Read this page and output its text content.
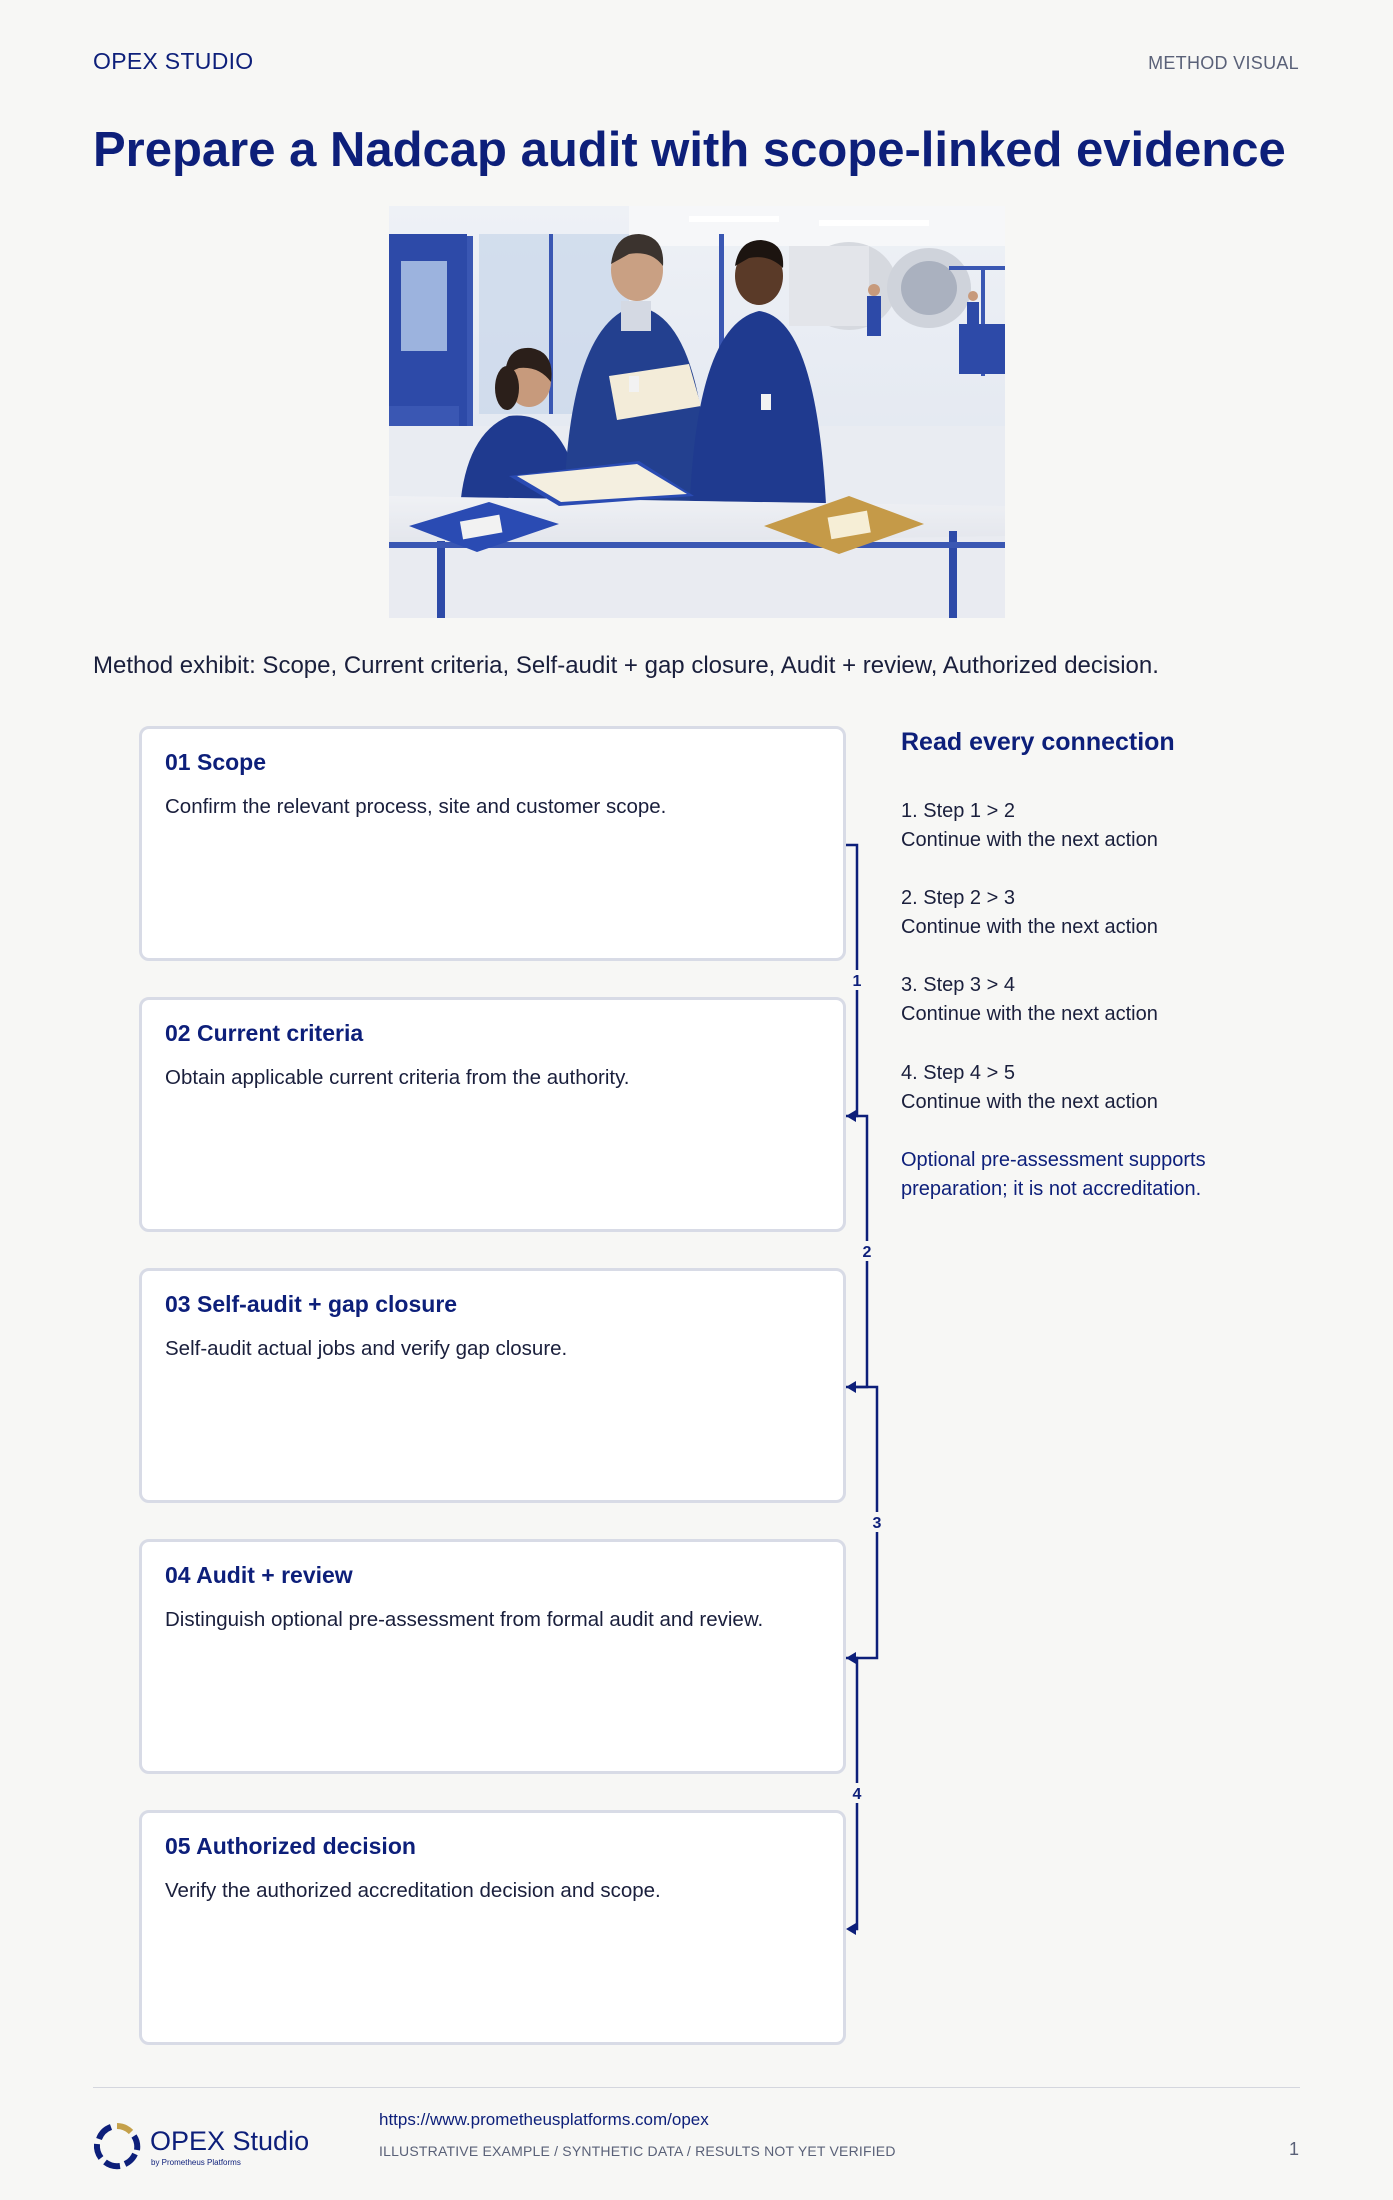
OPEX STUDIO	METHOD VISUAL
Prepare a Nadcap audit with scope-linked evidence
Method exhibit: Scope, Current criteria, Self-audit + gap closure, Audit + review, Authorized decision.
01 Scope
Confirm the relevant process, site and customer scope.
02 Current criteria
Obtain applicable current criteria from the authority.
03 Self-audit + gap closure
Self-audit actual jobs and verify gap closure.
04 Audit + review
Distinguish optional pre-assessment from formal audit and review.
05 Authorized decision
Verify the authorized accreditation decision and scope.
1
2
3
4
Read every connection
1. Step 1 > 2
Continue with the next action
2. Step 2 > 3
Continue with the next action
3. Step 3 > 4
Continue with the next action
4. Step 4 > 5
Continue with the next action
Optional pre-assessment supports preparation; it is not accreditation.
OPEX Studio
by Prometheus Platforms
https://www.prometheusplatforms.com/opex
ILLUSTRATIVE EXAMPLE / SYNTHETIC DATA / RESULTS NOT YET VERIFIED	1
